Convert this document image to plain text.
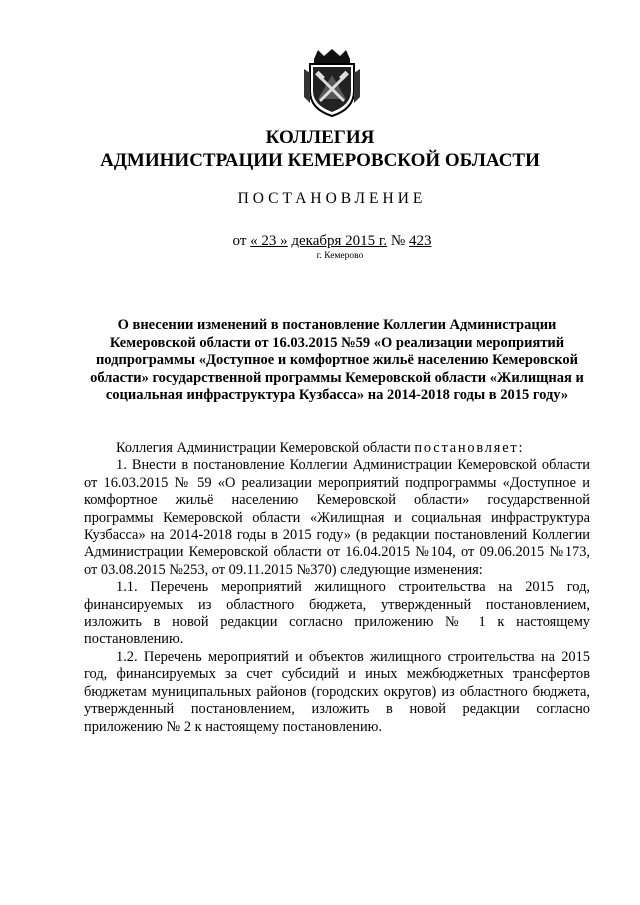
КОЛЛЕГИЯ
АДМИНИСТРАЦИИ КЕМЕРОВСКОЙ ОБЛАСТИ
ПОСТАНОВЛЕНИЕ
от « 23 » декабря 2015 г. № 423
г. Кемерово
О внесении изменений в постановление Коллегии Администрации Кемеровской области от 16.03.2015 №59 «О реализации мероприятий подпрограммы «Доступное и комфортное жильё населению Кемеровской области» государственной программы Кемеровской области «Жилищная и социальная инфраструктура Кузбасса» на 2014-2018 годы в 2015 году»

Коллегия Администрации Кемеровской области постановляет:

1. Внести в постановление Коллегии Администрации Кемеровской области от 16.03.2015 № 59 «О реализации мероприятий подпрограммы «Доступное и комфортное жильё населению Кемеровской области» государственной программы Кемеровской области «Жилищная и социальная инфраструктура Кузбасса» на 2014-2018 годы в 2015 году» (в редакции постановлений Коллегии Администрации Кемеровской области от 16.04.2015 №104, от 09.06.2015 №173, от 03.08.2015 №253, от 09.11.2015 №370) следующие изменения:

1.1. Перечень мероприятий жилищного строительства на 2015 год, финансируемых из областного бюджета, утвержденный постановлением, изложить в новой редакции согласно приложению № 1 к настоящему постановлению.

1.2. Перечень мероприятий и объектов жилищного строительства на 2015 год, финансируемых за счет субсидий и иных межбюджетных трансфертов бюджетам муниципальных районов (городских округов) из областного бюджета, утвержденный постановлением, изложить в новой редакции согласно приложению № 2 к настоящему постановлению.
